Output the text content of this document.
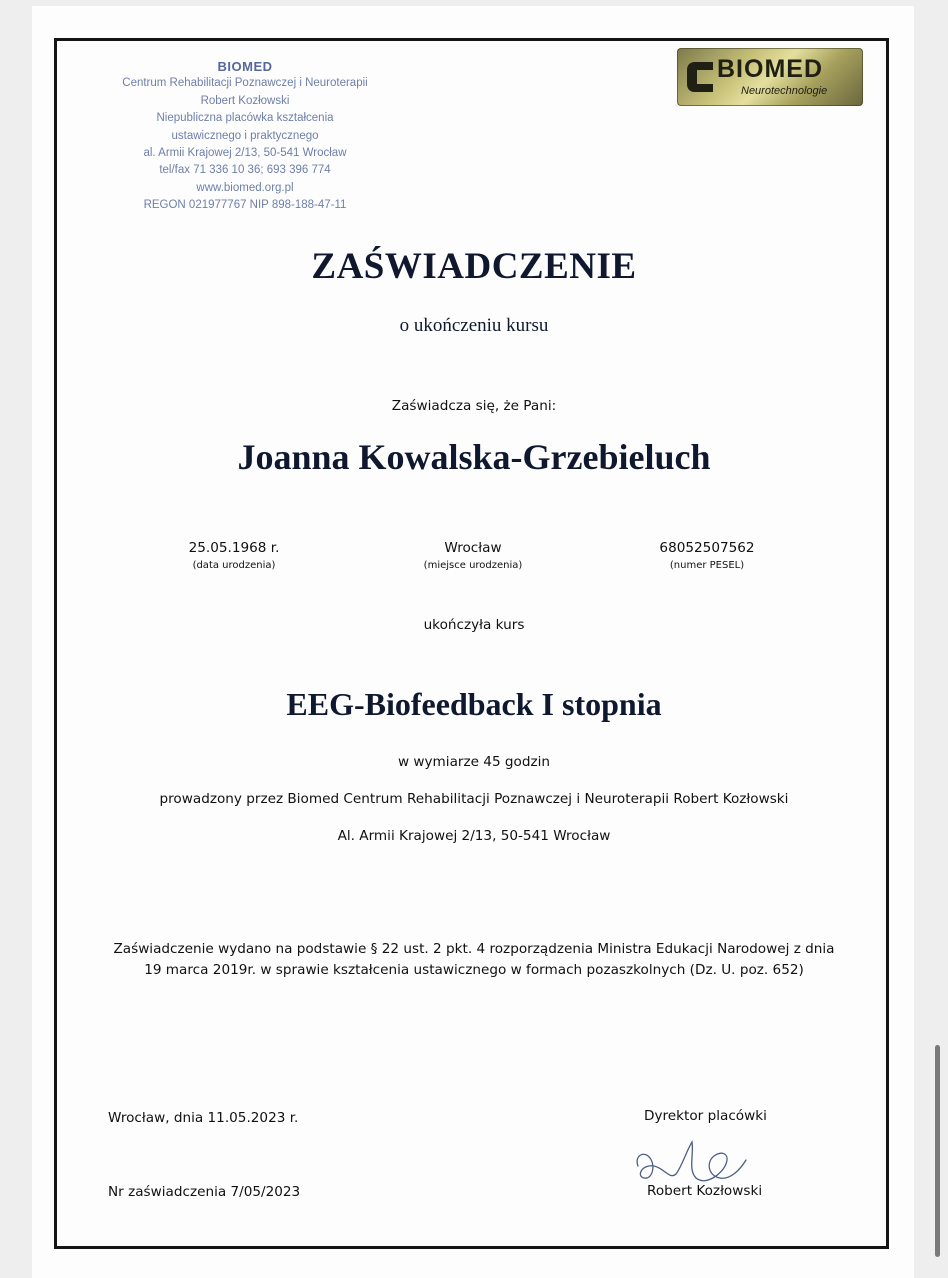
BIOMED
Centrum Rehabilitacji Poznawczej i Neuroterapii
Robert Kozłowski
Niepubliczna placówka kształcenia
ustawicznego i praktycznego
al. Armii Krajowej 2/13, 50-541 Wrocław
tel/fax 71 336 10 36; 693 396 774
www.biomed.org.pl
REGON 021977767 NIP 898-188-47-11
BIOMED
Neurotechnologie
ZAŚWIADCZENIE
o ukończeniu kursu
Zaświadcza się, że Pani:
Joanna Kowalska-Grzebieluch
25.05.1968 r.
(data urodzenia)
Wrocław
(miejsce urodzenia)
68052507562
(numer PESEL)
ukończyła kurs
EEG-Biofeedback I stopnia
w wymiarze 45 godzin
prowadzony przez Biomed Centrum Rehabilitacji Poznawczej i Neuroterapii Robert Kozłowski
Al. Armii Krajowej 2/13, 50-541 Wrocław
Zaświadczenie wydano na podstawie § 22 ust. 2 pkt. 4 rozporządzenia Ministra Edukacji Narodowej z dnia
19 marca 2019r. w sprawie kształcenia ustawicznego w formach pozaszkolnych (Dz. U. poz. 652)
Wrocław, dnia 11.05.2023 r.
Nr zaświadczenia 7/05/2023
Dyrektor placówki
Robert Kozłowski
